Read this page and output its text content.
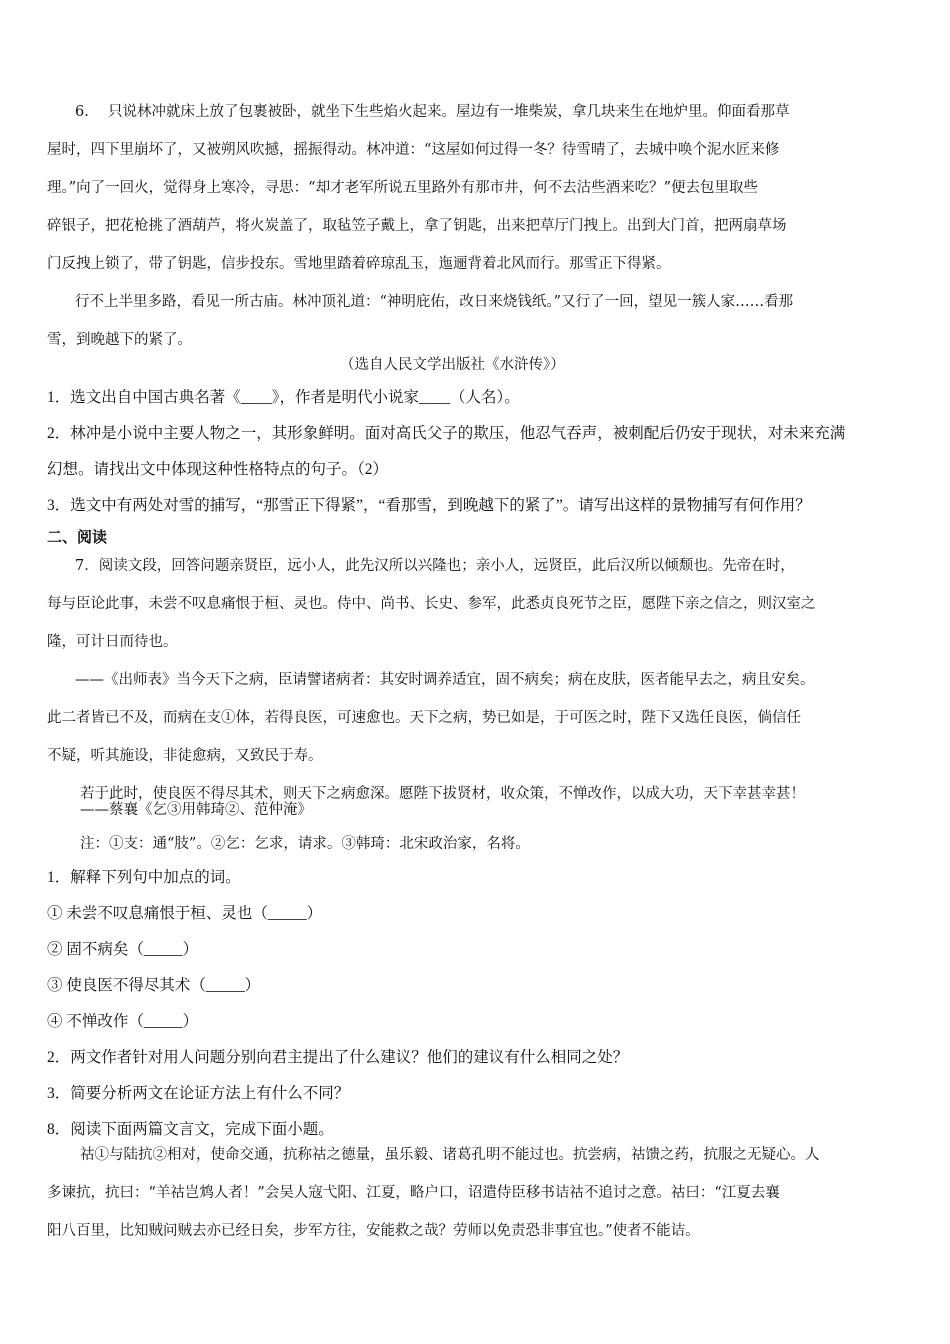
6.　 只说林冲就床上放了包裹被卧，就坐下生些焰火起来。屋边有一堆柴炭，拿几块来生在地炉里。仰面看那草
屋时，四下里崩坏了，又被朔风吹撼，摇振得动。林冲道：“这屋如何过得一冬？待雪晴了，去城中唤个泥水匠来修
理。”向了一回火，觉得身上寒冷，寻思：“却才老军所说五里路外有那市井，何不去沽些酒来吃？”便去包里取些
碎银子，把花枪挑了酒葫芦，将火炭盖了，取毡笠子戴上，拿了钥匙，出来把草厅门拽上。出到大门首，把两扇草场
门反拽上锁了，带了钥匙，信步投东。雪地里踏着碎琼乱玉，迤逦背着北风而行。那雪正下得紧。
行不上半里多路，看见一所古庙。林冲顶礼道：“神明庇佑，改日来烧钱纸。”又行了一回，望见一簇人家……看那
雪，到晚越下的紧了。

（选自人民文学出版社《水浒传》）

1．选文出自中国古典名著《____》，作者是明代小说家____（人名）。
2．林冲是小说中主要人物之一，其形象鲜明。面对高氏父子的欺压，他忍气吞声，被刺配后仍安于现状，对未来充满
幻想。请找出文中体现这种性格特点的句子。（2）
3．选文中有两处对雪的捕写，“那雪正下得紧”，“看那雪，到晚越下的紧了”。请写出这样的景物捕写有何作用？

二、阅读

7．阅读文段，回答问题亲贤臣，远小人，此先汉所以兴隆也；亲小人，远贤臣，此后汉所以倾颓也。先帝在时，
每与臣论此事，未尝不叹息痛恨于桓、灵也。侍中、尚书、长史、参军，此悉贞良死节之臣，愿陛下亲之信之，则汉室之
隆，可计日而待也。
——《出师表》当今天下之病，臣请譬诸病者：其安时调养适宜，固不病矣；病在皮肤，医者能早去之，病且安矣。
此二者皆已不及，而病在支①体，若得良医，可速愈也。天下之病，势已如是，于可医之时，陛下又选任良医，倘信任
不疑，听其施设，非徒愈病，又致民于寿。
若于此时，使良医不得尽其术，则天下之病愈深。愿陛下拔贤材，收众策，不惮改作，以成大功，天下幸甚幸甚！

——蔡襄《乞③用韩琦②、范仲淹》

注：①支：通“肢”。②乞：乞求，请求。③韩琦：北宋政治家，名将。

1．解释下列句中加点的词。
① 未尝不叹息痛恨于桓、灵也（_____）
② 固不病矣（_____）
③ 使良医不得尽其术（_____）
④ 不惮改作（_____）
2．两文作者针对用人问题分别向君主提出了什么建议？他们的建议有什么相同之处？
3．简要分析两文在论证方法上有什么不同？
8．阅读下面两篇文言文，完成下面小题。
祜①与陆抗②相对，使命交通，抗称祜之德量，虽乐毅、诸葛孔明不能过也。抗尝病，祜馈之药，抗服之无疑心。人
多谏抗，抗曰：“羊祜岂鸩人者！”会吴人寇弋阳、江夏，略户口，诏遣侍臣移书诘祜不追讨之意。祜曰：“江夏去襄
阳八百里，比知贼问贼去亦已经日矣，步军方往，安能救之哉？劳师以免责恐非事宜也。”使者不能诘。
